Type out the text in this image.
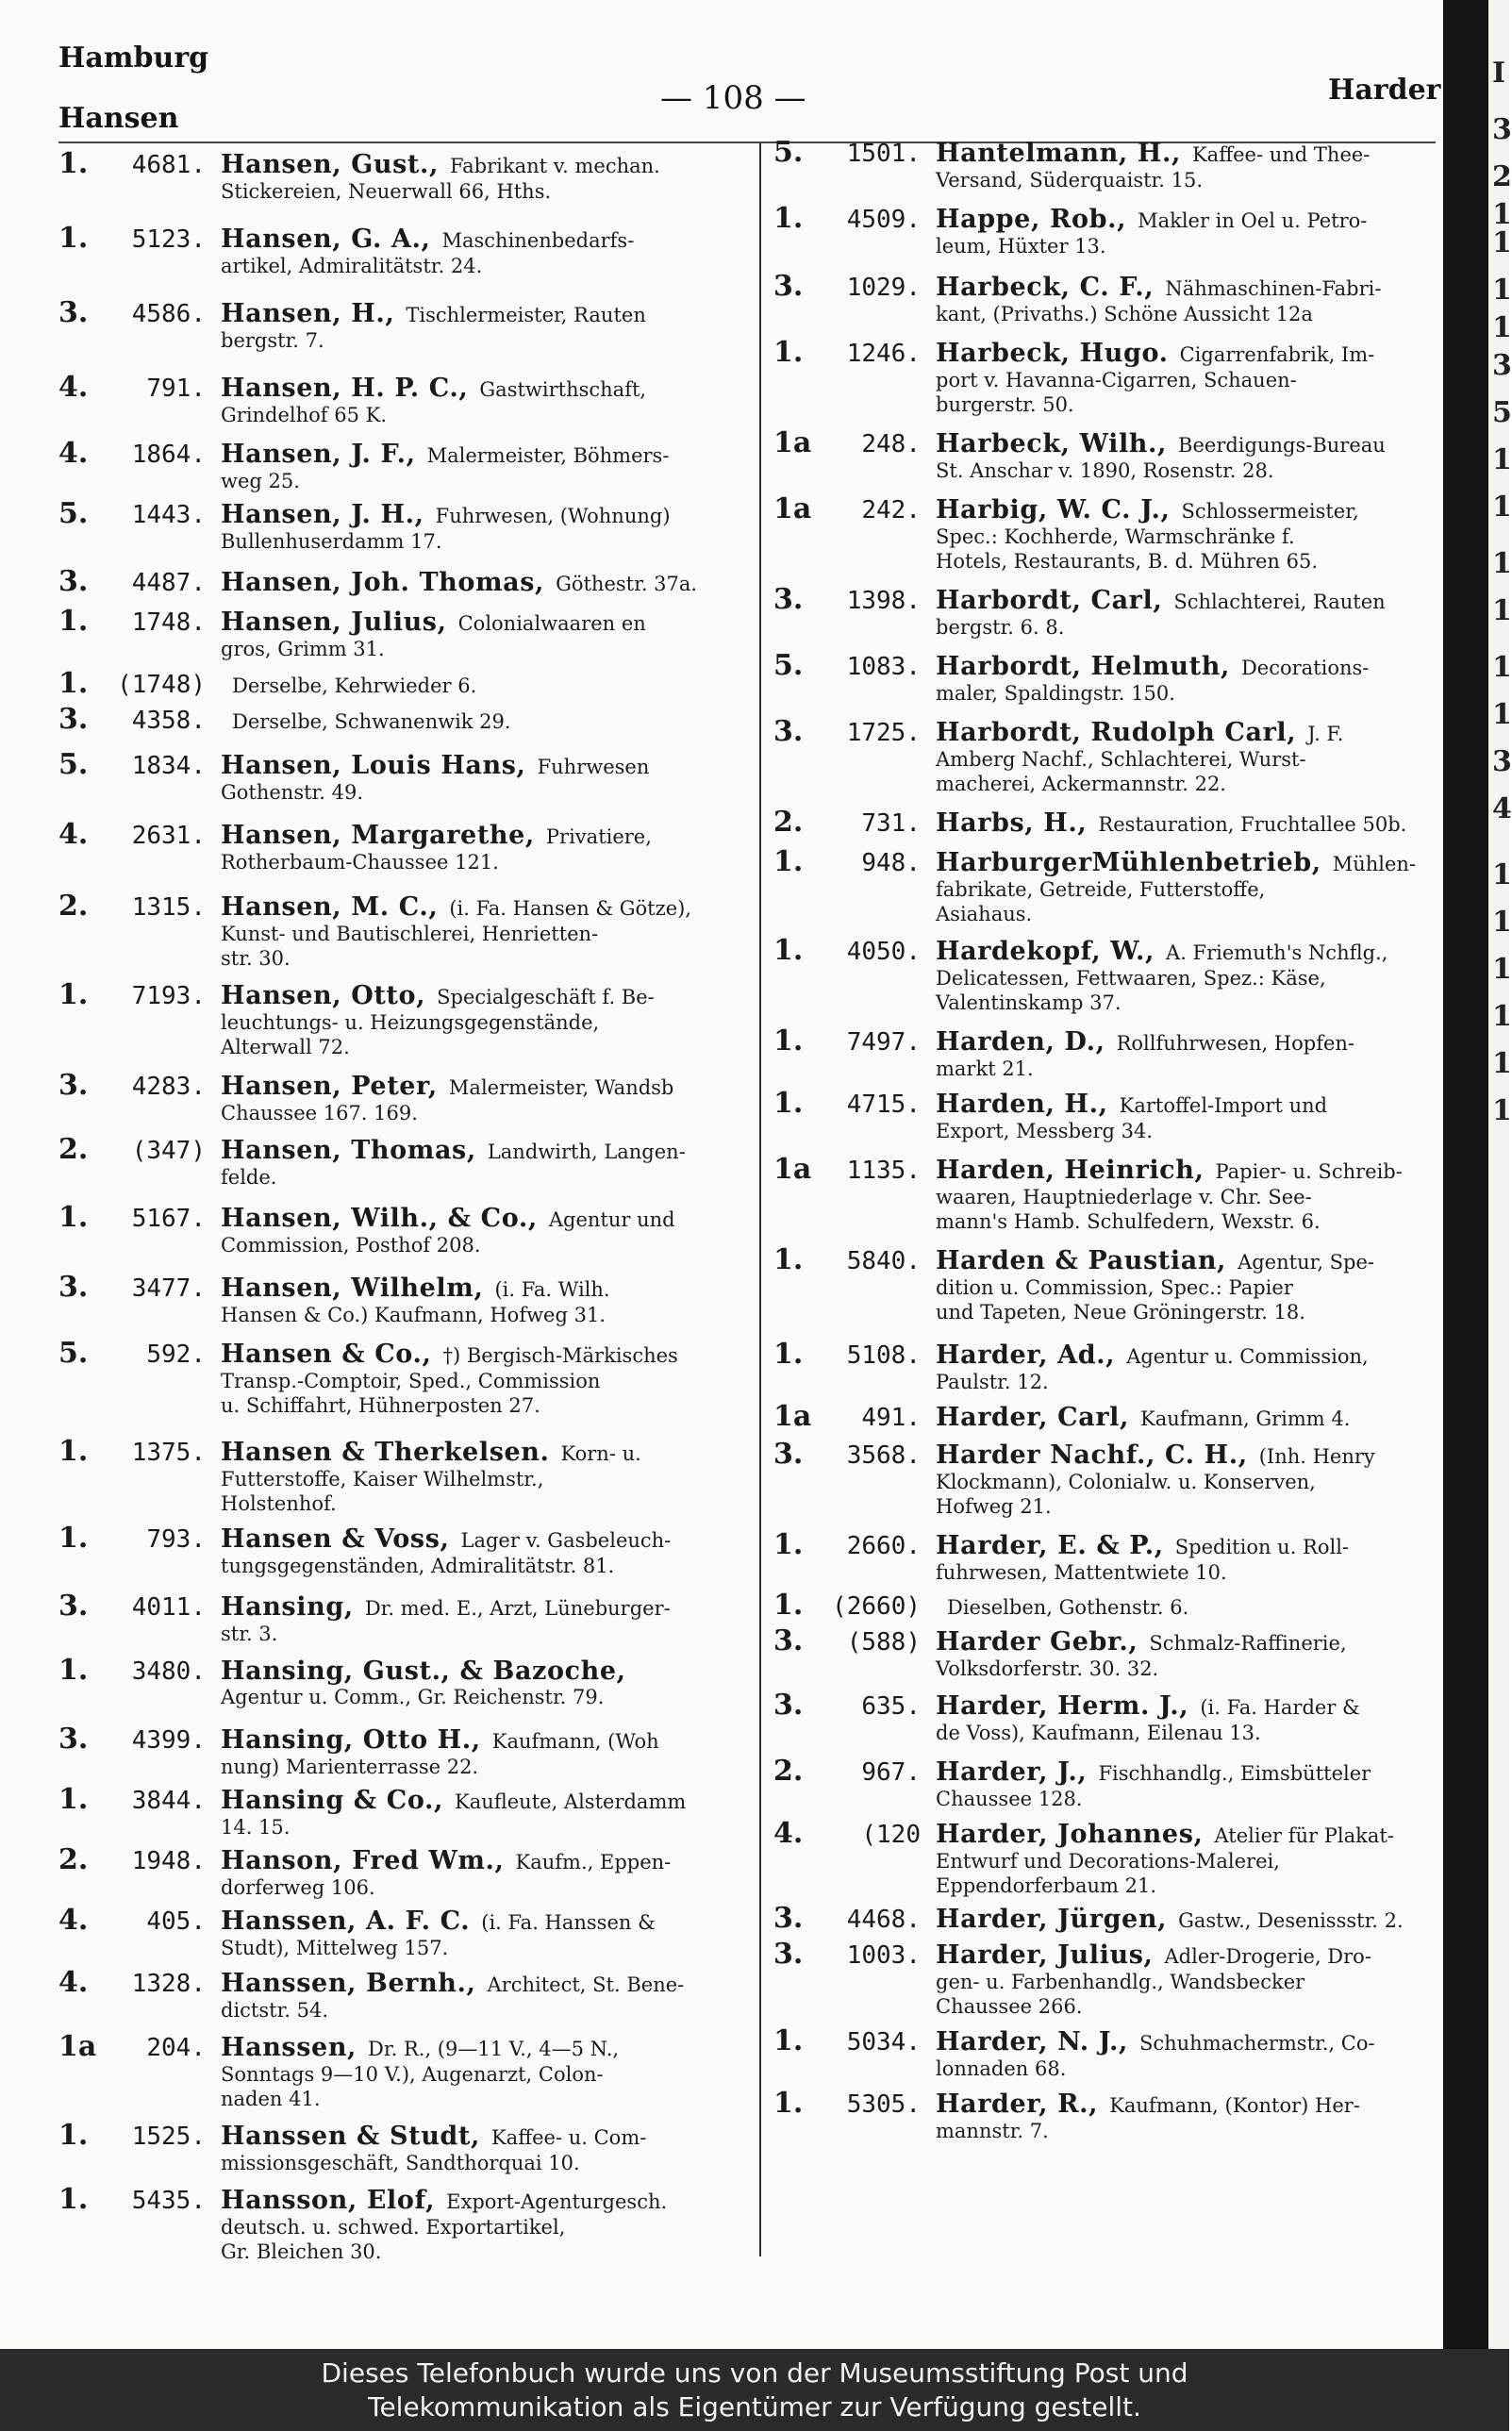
Hamburg
Hansen
— 108 —	Harder
1.	4681. Hansen, Gust., Fabrikant v. mechan.
Stickereien, Neuerwall 66, Hths.
1.	5123. Hansen, G. A., Maschinenbedarfs-
artikel, Admiralitätstr. 24.
3.	4586. Hansen, H., Tischlermeister, Rauten
bergstr. 7.
4.	791. Hansen, H. P. C., Gastwirthschaft,
Grindelhof 65 K.
4.	1864. Hansen, J. F., Malermeister, Böhmers-
weg 25.
5.	1443. Hansen, J. H., Fuhrwesen, (Wohnung)
Bullenhuserdamm 17.
3.	4487. Hansen, Joh. Thomas, Göthestr. 37a.
1.	1748. Hansen, Julius, Colonialwaaren en
gros, Grimm 31.
1.	(1748)	Derselbe, Kehrwieder 6.
3.	4358.	Derselbe, Schwanenwik 29.
5.	1834. Hansen, Louis Hans, Fuhrwesen
Gothenstr. 49.
4.	2631. Hansen, Margarethe, Privatiere,
Rotherbaum-Chaussee 121.
2.	1315. Hansen, M. C., (i. Fa. Hansen & Götze),
Kunst- und Bautischlerei, Henrietten-
str. 30.
1.	7193. Hansen, Otto, Specialgeschäft f. Be-
leuchtungs- u. Heizungsgegenstände,
Alterwall 72.
3.	4283. Hansen, Peter, Malermeister, Wandsb
Chaussee 167. 169.
2.	(347) Hansen, Thomas, Landwirth, Langen-
felde.
1.	5167. Hansen, Wilh., & Co., Agentur und
Commission, Posthof 208.
3.	3477. Hansen, Wilhelm, (i. Fa. Wilh.
Hansen & Co.) Kaufmann, Hofweg 31.
5.	592. Hansen & Co., †) Bergisch-Märkisches
Transp.-Comptoir, Sped., Commission
u. Schiffahrt, Hühnerposten 27.
1.	1375. Hansen & Therkelsen. Korn- u.
Futterstoffe, Kaiser Wilhelmstr.,
Holstenhof.
1.	793. Hansen & Voss, Lager v. Gasbeleuch-
tungsgegenständen, Admiralitätstr. 81.
3.	4011. Hansing, Dr. med. E., Arzt, Lüneburger-
str. 3.
1.	3480. Hansing, Gust., & Bazoche,
Agentur u. Comm., Gr. Reichenstr. 79.
3.	4399. Hansing, Otto H., Kaufmann, (Woh
nung) Marienterrasse 22.
1.	3844. Hansing & Co., Kaufleute, Alsterdamm
14. 15.
2.	1948. Hanson, Fred Wm., Kaufm., Eppen-
dorferweg 106.
4.	405. Hanssen, A. F. C. (i. Fa. Hanssen &
Studt), Mittelweg 157.
4.	1328. Hanssen, Bernh., Architect, St. Bene-
dictstr. 54.
1a	204. Hanssen, Dr. R., (9—11 V., 4—5 N.,
Sonntags 9—10 V.), Augenarzt, Colon-
naden 41.
1.	1525. Hanssen & Studt, Kaffee- u. Com-
missionsgeschäft, Sandthorquai 10.
1.	5435. Hansson, Elof, Export-Agenturgesch.
deutsch. u. schwed. Exportartikel,
Gr. Bleichen 30.
5.	1501. Hantelmann, H., Kaffee- und Thee-
Versand, Süderquaistr. 15.
1.	4509. Happe, Rob., Makler in Oel u. Petro-
leum, Hüxter 13.
3.	1029. Harbeck, C. F., Nähmaschinen-Fabri-
kant, (Privaths.) Schöne Aussicht 12a
1.	1246. Harbeck, Hugo. Cigarrenfabrik, Im-
port v. Havanna-Cigarren, Schauen-
burgerstr. 50.
1a	248. Harbeck, Wilh., Beerdigungs-Bureau
St. Anschar v. 1890, Rosenstr. 28.
1a	242. Harbig, W. C. J., Schlossermeister,
Spec.: Kochherde, Warmschränke f.
Hotels, Restaurants, B. d. Mühren 65.
3.	1398. Harbordt, Carl, Schlachterei, Rauten
bergstr. 6. 8.
5.	1083. Harbordt, Helmuth, Decorations-
maler, Spaldingstr. 150.
3.	1725. Harbordt, Rudolph Carl, J. F.
Amberg Nachf., Schlachterei, Wurst-
macherei, Ackermannstr. 22.
2.	731. Harbs, H., Restauration, Fruchtallee 50b.
1.	948. HarburgerMühlenbetrieb, Mühlen-
fabrikate, Getreide, Futterstoffe,
Asiahaus.
1.	4050. Hardekopf, W., A. Friemuth's Nchflg.,
Delicatessen, Fettwaaren, Spez.: Käse,
Valentinskamp 37.
1.	7497. Harden, D., Rollfuhrwesen, Hopfen-
markt 21.
1.	4715. Harden, H., Kartoffel-Import und
Export, Messberg 34.
1a	1135. Harden, Heinrich, Papier- u. Schreib-
waaren, Hauptniederlage v. Chr. See-
mann's Hamb. Schulfedern, Wexstr. 6.
1.	5840. Harden & Paustian, Agentur, Spe-
dition u. Commission, Spec.: Papier
und Tapeten, Neue Gröningerstr. 18.
1.	5108. Harder, Ad., Agentur u. Commission,
Paulstr. 12.
1a	491. Harder, Carl, Kaufmann, Grimm 4.
3.	3568. Harder Nachf., C. H., (Inh. Henry
Klockmann), Colonialw. u. Konserven,
Hofweg 21.
1.	2660. Harder, E. & P., Spedition u. Roll-
fuhrwesen, Mattentwiete 10.
1.	(2660)	Dieselben, Gothenstr. 6.
3.	(588) Harder Gebr., Schmalz-Raffinerie,
Volksdorferstr. 30. 32.
3.	635. Harder, Herm. J., (i. Fa. Harder &
de Voss), Kaufmann, Eilenau 13.
2.	967. Harder, J., Fischhandlg., Eimsbütteler
Chaussee 128.
4.	(120 Harder, Johannes, Atelier für Plakat-
Entwurf und Decorations-Malerei,
Eppendorferbaum 21.
3.	4468. Harder, Jürgen, Gastw., Desenissstr. 2.
3.	1003. Harder, Julius, Adler-Drogerie, Dro-
gen- u. Farbenhandlg., Wandsbecker
Chaussee 266.
1.	5034. Harder, N. J., Schuhmachermstr., Co-
lonnaden 68.
1.	5305. Harder, R., Kaufmann, (Kontor) Her-
mannstr. 7.
Dieses Telefonbuch wurde uns von der Museumsstiftung Post und
Telekommunikation als Eigentümer zur Verfügung gestellt.
I
3
2
1
1
1
1
3
5
1
1
1
1
1
1
3
4
1
1
1
1
1
1
